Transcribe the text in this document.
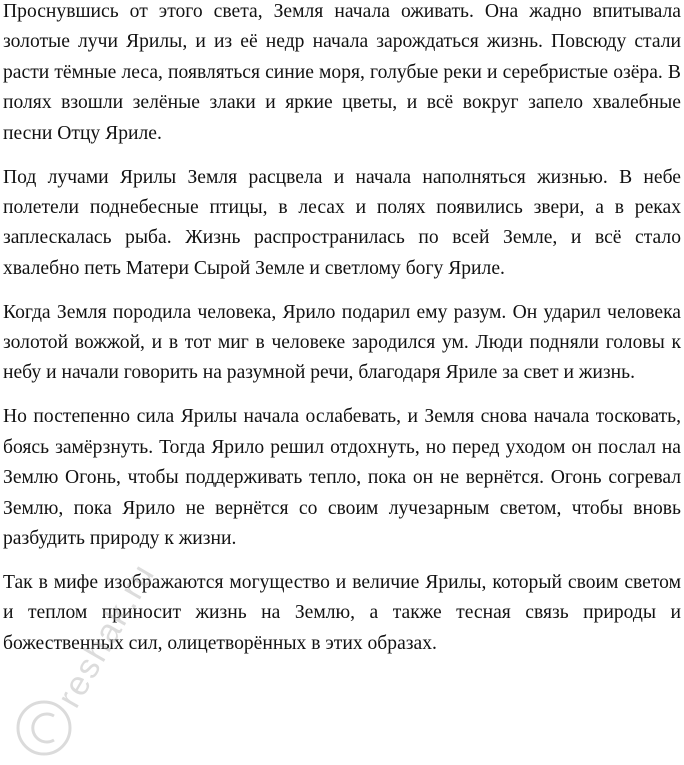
Проснувшись от этого света, Земля начала оживать. Она жадно впитывала золотые лучи Ярилы, и из её недр начала зарождаться жизнь. Повсюду стали расти тёмные леса, появляться синие моря, голубые реки и серебристые озёра. В полях взошли зелёные злаки и яркие цветы, и всё вокруг запело хвалебные песни Отцу Яриле.

Под лучами Ярилы Земля расцвела и начала наполняться жизнью. В небе полетели поднебесные птицы, в лесах и полях появились звери, а в реках заплескалась рыба. Жизнь распространилась по всей Земле, и всё стало хвалебно петь Матери Сырой Земле и светлому богу Яриле.

Когда Земля породила человека, Ярило подарил ему разум. Он ударил человека золотой вожжой, и в тот миг в человеке зародился ум. Люди подняли головы к небу и начали говорить на разумной речи, благодаря Яриле за свет и жизнь.

Но постепенно сила Ярилы начала ослабевать, и Земля снова начала тосковать, боясь замёрзнуть. Тогда Ярило решил отдохнуть, но перед уходом он послал на Землю Огонь, чтобы поддерживать тепло, пока он не вернётся. Огонь согревал Землю, пока Ярило не вернётся со своим лучезарным светом, чтобы вновь разбудить природу к жизни.

Так в мифе изображаются могущество и величие Ярилы, который своим светом и теплом приносит жизнь на Землю, а также тесная связь природы и божественных сил, олицетворённых в этих образах.

reshak.ru
